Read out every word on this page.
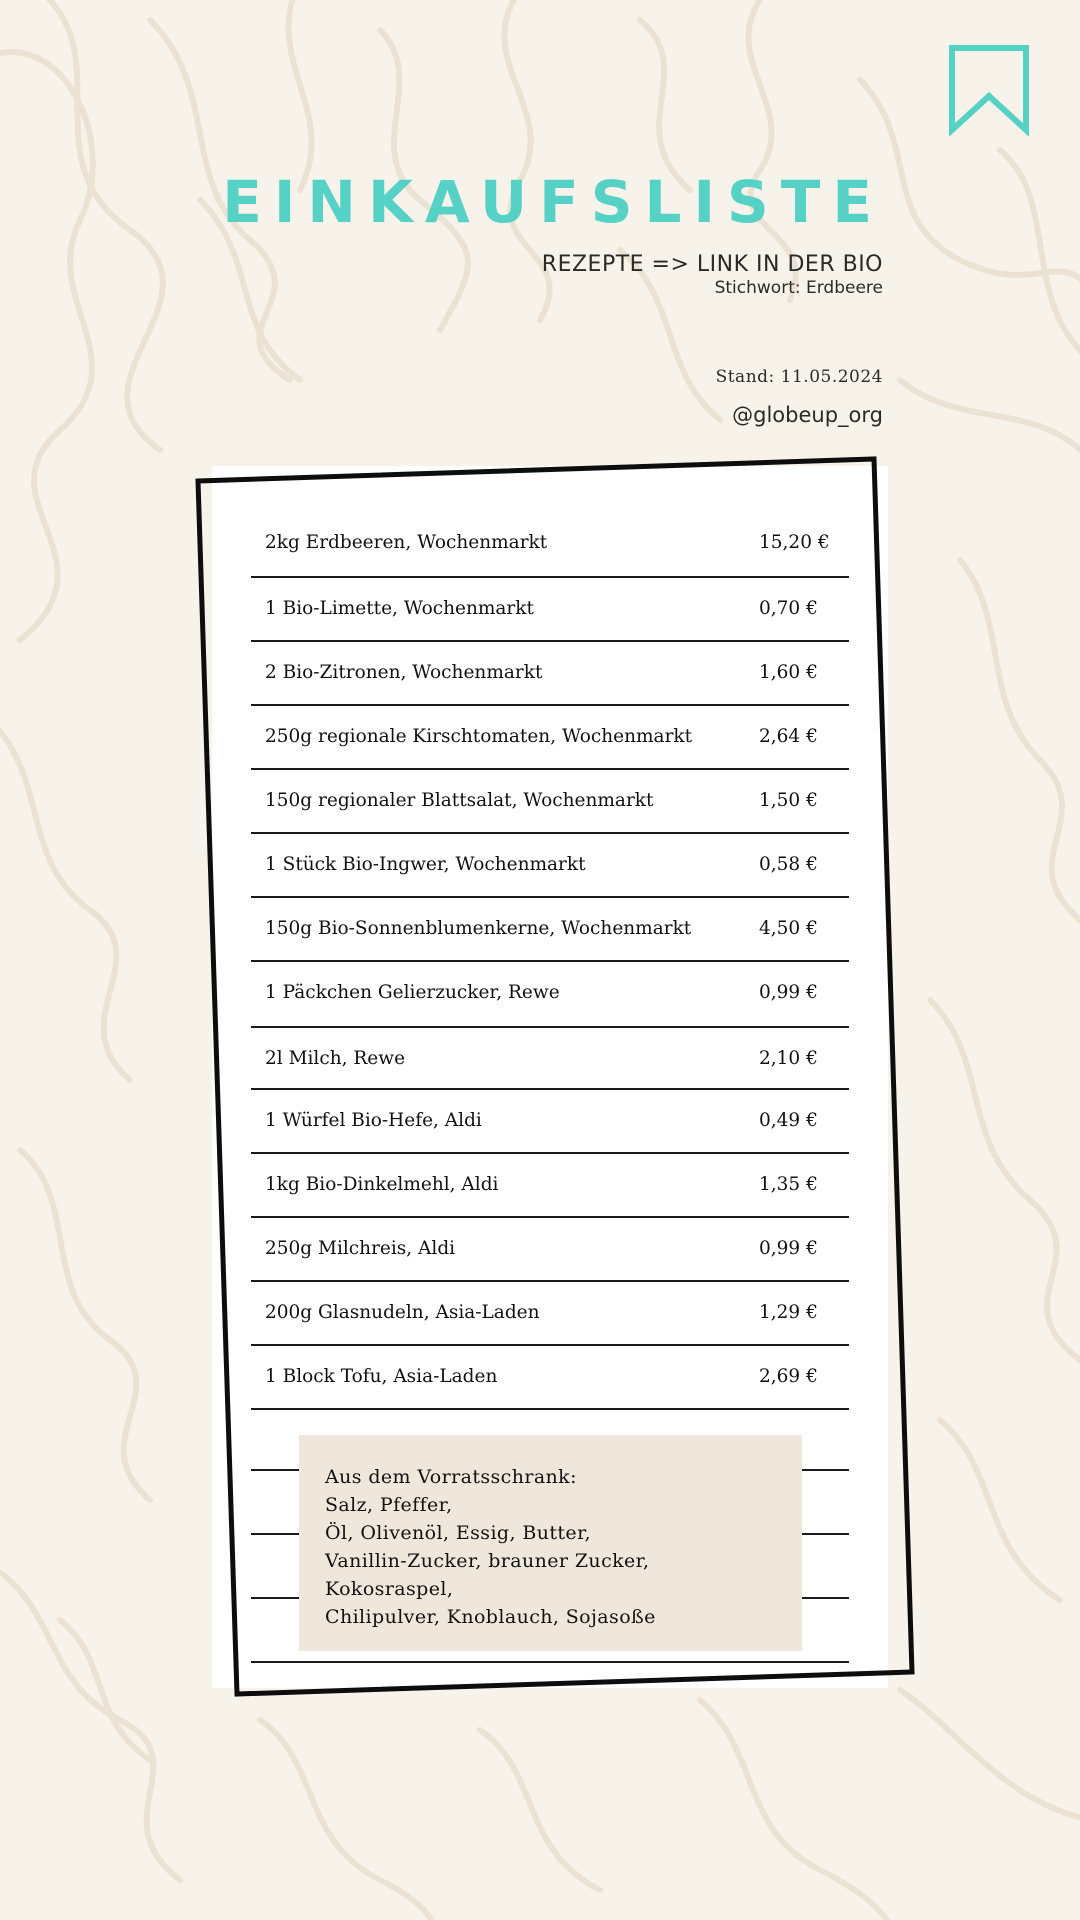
EINKAUFSLISTE
REZEPTE => LINK IN DER BIO
Stichwort: Erdbeere
Stand: 11.05.2024
@globeup_org
2kg Erdbeeren, Wochenmarkt	15,20 €
1 Bio-Limette, Wochenmarkt	0,70 €
2 Bio-Zitronen, Wochenmarkt	1,60 €
250g regionale Kirschtomaten, Wochenmarkt	2,64 €
150g regionaler Blattsalat, Wochenmarkt	1,50 €
1 Stück Bio-Ingwer, Wochenmarkt	0,58 €
150g Bio-Sonnenblumenkerne, Wochenmarkt	4,50 €
1 Päckchen Gelierzucker, Rewe	0,99 €
2l Milch, Rewe	2,10 €
1 Würfel Bio-Hefe, Aldi	0,49 €
1kg Bio-Dinkelmehl, Aldi	1,35 €
250g Milchreis, Aldi	0,99 €
200g Glasnudeln, Asia-Laden	1,29 €
1 Block Tofu, Asia-Laden	2,69 €
Aus dem Vorratsschrank:
Salz, Pfeffer,
Öl, Olivenöl, Essig, Butter,
Vanillin-Zucker, brauner Zucker,
Kokosraspel,
Chilipulver, Knoblauch, Sojasoße
